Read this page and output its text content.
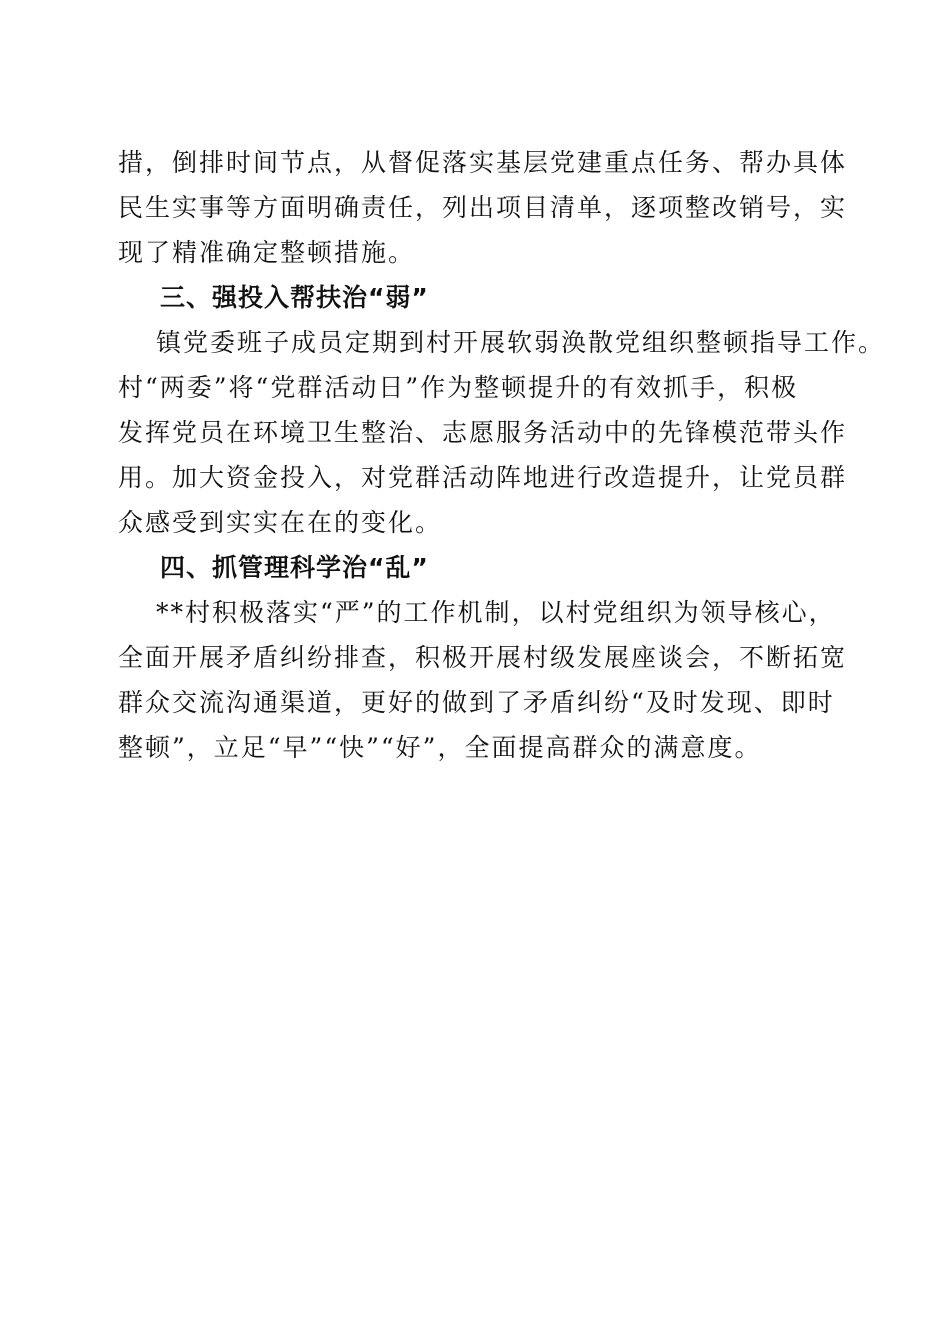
措，倒排时间节点，从督促落实基层党建重点任务、帮办具体
民生实事等方面明确责任，列出项目清单，逐项整改销号，实
现了精准确定整顿措施。
三、强投入帮扶治“弱”
镇党委班子成员定期到村开展软弱涣散党组织整顿指导工作。
村“两委”将“党群活动日”作为整顿提升的有效抓手，积极
发挥党员在环境卫生整治、志愿服务活动中的先锋模范带头作
用。加大资金投入，对党群活动阵地进行改造提升，让党员群
众感受到实实在在的变化。
四、抓管理科学治“乱”
**村积极落实“严”的工作机制，以村党组织为领导核心，
全面开展矛盾纠纷排查，积极开展村级发展座谈会，不断拓宽
群众交流沟通渠道，更好的做到了矛盾纠纷“及时发现、即时
整顿”，立足“早”“快”“好”，全面提高群众的满意度。
